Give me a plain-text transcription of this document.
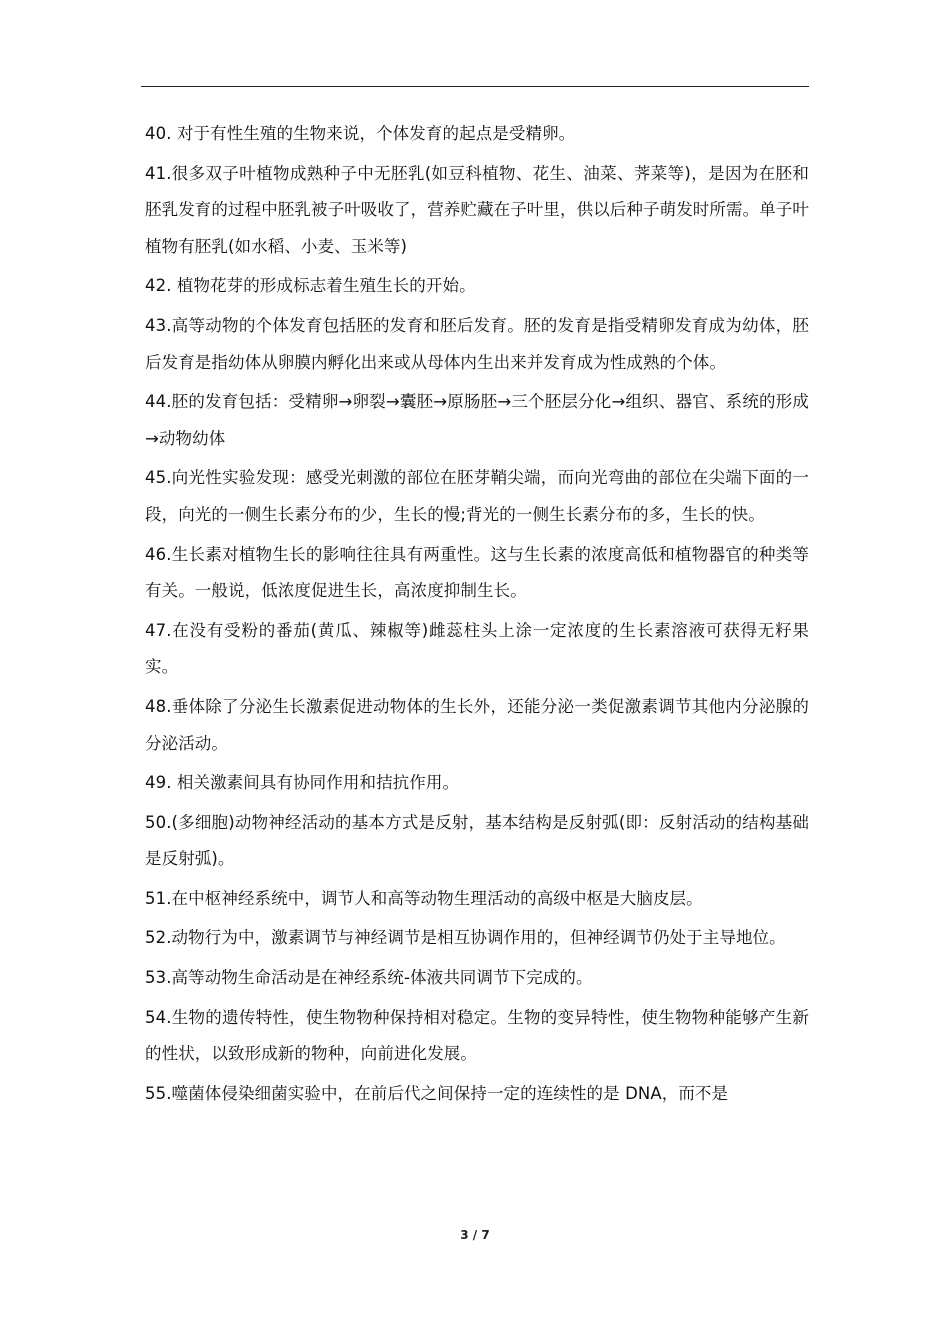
40. 对于有性生殖的生物来说，个体发育的起点是受精卵。

41.很多双子叶植物成熟种子中无胚乳(如豆科植物、花生、油菜、荠菜等)，是因为在胚和胚乳发育的过程中胚乳被子叶吸收了，营养贮藏在子叶里，供以后种子萌发时所需。单子叶植物有胚乳(如水稻、小麦、玉米等)

42. 植物花芽的形成标志着生殖生长的开始。

43.高等动物的个体发育包括胚的发育和胚后发育。胚的发育是指受精卵发育成为幼体，胚后发育是指幼体从卵膜内孵化出来或从母体内生出来并发育成为性成熟的个体。

44.胚的发育包括：受精卵→卵裂→囊胚→原肠胚→三个胚层分化→组织、器官、系统的形成→动物幼体

45.向光性实验发现：感受光刺激的部位在胚芽鞘尖端，而向光弯曲的部位在尖端下面的一段，向光的一侧生长素分布的少，生长的慢;背光的一侧生长素分布的多，生长的快。

46.生长素对植物生长的影响往往具有两重性。这与生长素的浓度高低和植物器官的种类等有关。一般说，低浓度促进生长，高浓度抑制生长。

47.在没有受粉的番茄(黄瓜、辣椒等)雌蕊柱头上涂一定浓度的生长素溶液可获得无籽果实。

48.垂体除了分泌生长激素促进动物体的生长外，还能分泌一类促激素调节其他内分泌腺的分泌活动。

49. 相关激素间具有协同作用和拮抗作用。

50.(多细胞)动物神经活动的基本方式是反射，基本结构是反射弧(即：反射活动的结构基础是反射弧)。

51.在中枢神经系统中，调节人和高等动物生理活动的高级中枢是大脑皮层。

52.动物行为中，激素调节与神经调节是相互协调作用的，但神经调节仍处于主导地位。

53.高等动物生命活动是在神经系统-体液共同调节下完成的。

54.生物的遗传特性，使生物物种保持相对稳定。生物的变异特性，使生物物种能够产生新的性状，以致形成新的物种，向前进化发展。

55.噬菌体侵染细菌实验中，在前后代之间保持一定的连续性的是 DNA，而不是

3 / 7
